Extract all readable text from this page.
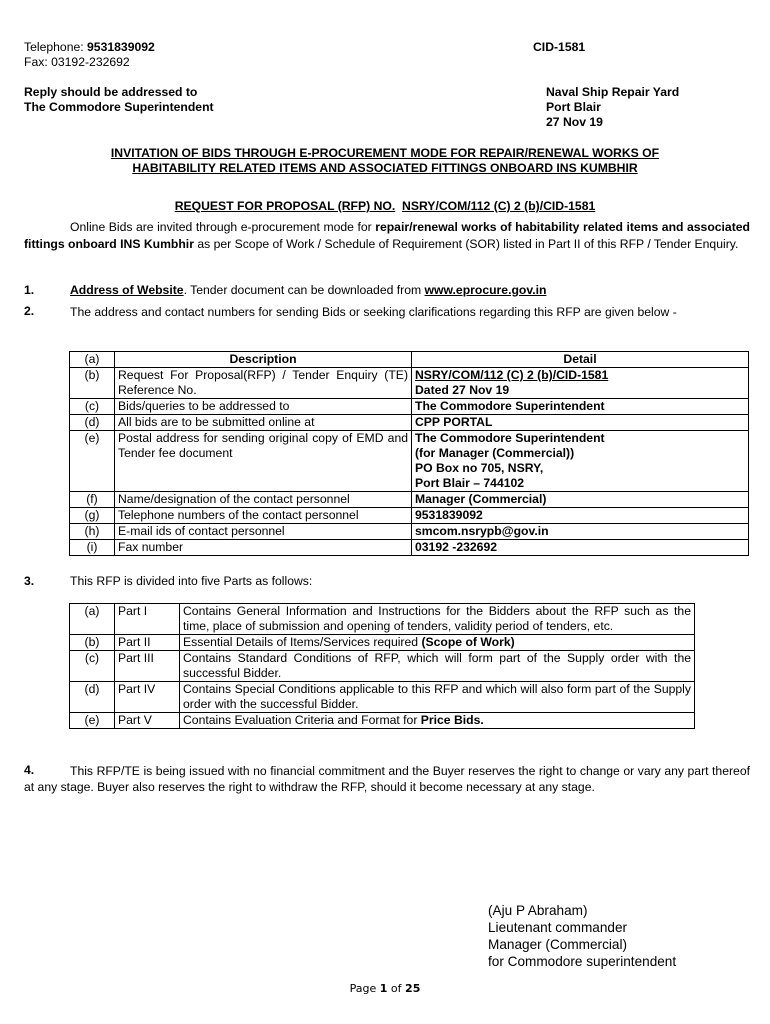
Telephone: 9531839092
Fax: 03192-232692
CID-1581
Reply should be addressed to
The Commodore Superintendent
Naval Ship Repair Yard
Port Blair
27 Nov 19
INVITATION OF BIDS THROUGH E-PROCUREMENT MODE FOR REPAIR/RENEWAL WORKS OF
HABITABILITY RELATED ITEMS AND ASSOCIATED FITTINGS ONBOARD INS KUMBHIR
REQUEST FOR PROPOSAL (RFP) NO. NSRY/COM/112 (C) 2 (b)/CID-1581
Online Bids are invited through e-procurement mode for repair/renewal works of habitability related items and associated fittings onboard INS Kumbhir as per Scope of Work / Schedule of Requirement (SOR) listed in Part II of this RFP / Tender Enquiry.
1.	Address of Website. Tender document can be downloaded from www.eprocure.gov.in
2.	The address and contact numbers for sending Bids or seeking clarifications regarding this RFP are given below -
(a)	Description	Detail
(b)	Request For Proposal(RFP) / Tender Enquiry (TE) Reference No.	NSRY/COM/112 (C) 2 (b)/CID-1581
Dated 27 Nov 19
(c)	Bids/queries to be addressed to	The Commodore Superintendent
(d)	All bids are to be submitted online at	CPP PORTAL
(e)	Postal address for sending original copy of EMD and Tender fee document	The Commodore Superintendent
(for Manager (Commercial))
PO Box no 705, NSRY,
Port Blair – 744102

(f)	Name/designation of the contact personnel	Manager (Commercial)
(g)	Telephone numbers of the contact personnel	9531839092
(h)	E-mail ids of contact personnel	smcom.nsrypb@gov.in
(i)	Fax number	03192 -232692
3.	This RFP is divided into five Parts as follows:
(a)	Part I	Contains General Information and Instructions for the Bidders about the RFP such as the time, place of submission and opening of tenders, validity period of tenders, etc.
(b)	Part II	Essential Details of Items/Services required (Scope of Work)
(c)	Part III	Contains Standard Conditions of RFP, which will form part of the Supply order with the successful Bidder.
(d)	Part IV	Contains Special Conditions applicable to this RFP and which will also form part of the Supply order with the successful Bidder.
(e)	Part V	Contains Evaluation Criteria and Format for Price Bids.
4.	This RFP/TE is being issued with no financial commitment and the Buyer reserves the right to change or vary any part thereof at any stage. Buyer also reserves the right to withdraw the RFP, should it become necessary at any stage.
(Aju P Abraham)
Lieutenant commander
Manager (Commercial)
for Commodore superintendent
Page 1 of 25
